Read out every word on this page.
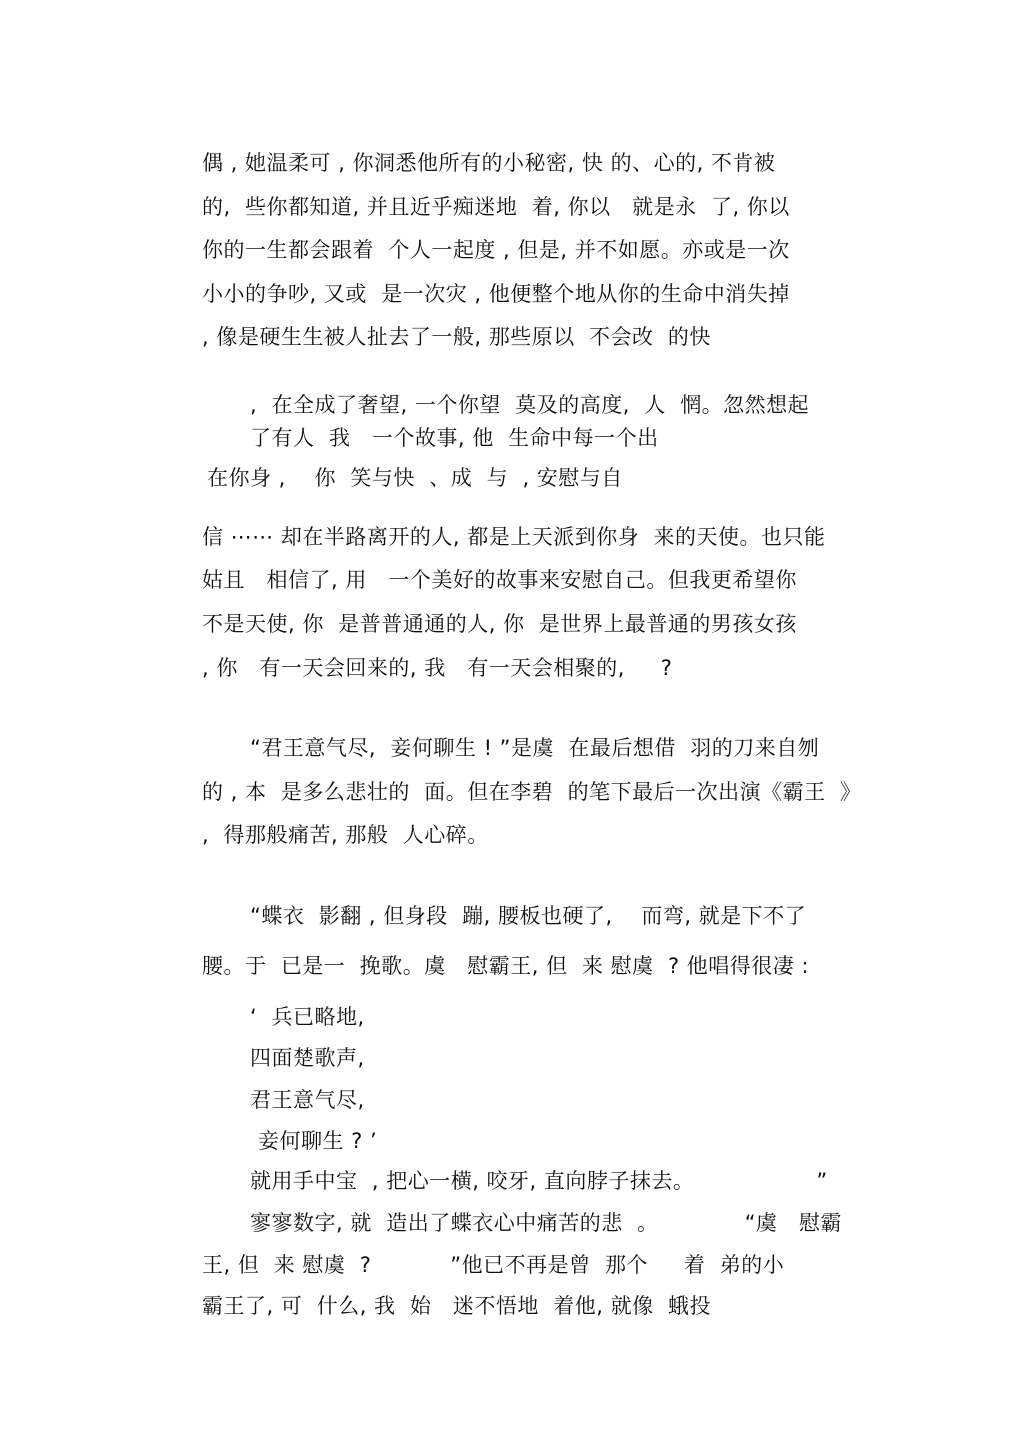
偶 , 她温柔可 , 你洞悉他所有的小秘密, 快 的、心的, 不肯被
的,  些你都知道, 并且近乎痴迷地  着, 你以   就是永  了, 你以
你的一生都会跟着  个人一起度 , 但是, 并不如愿。亦或是一次
小小的争吵, 又或  是一次灾 , 他便整个地从你的生命中消失掉
, 像是硬生生被人扯去了一般, 那些原以  不会改  的快
,  在全成了奢望, 一个你望  莫及的高度,  人  惘。忽然想起
了有人  我   一个故事, 他  生命中每一个出
在你身 ,    你  笑与快  、成  与  , 安慰与自
信 ⋯⋯ 却在半路离开的人, 都是上天派到你身  来的天使。也只能
姑且   相信了, 用   一个美好的故事来安慰自己。但我更希望你
不是天使, 你  是普普通通的人, 你  是世界上最普通的男孩女孩
, 你   有一天会回来的, 我   有一天会相聚的,     ?
“君王意气尽,  妾何聊生 ! ”是虞  在最后想借  羽的刀来自刎
的 , 本  是多么悲壮的  面。但在李碧  的笔下最后一次出演《霸王  》
,  得那般痛苦, 那般  人心碎。
“蝶衣  影翻 , 但身段  蹦, 腰板也硬了,    而弯, 就是下不了
腰。于  已是一  挽歌。虞   慰霸王, 但  来 慰虞  ? 他唱得很凄 :
‘  兵已略地,
四面楚歌声,
君王意气尽,
妾何聊生 ? ’
就用手中宝  , 把心一横, 咬牙, 直向脖子抹去。                 ”
寥寥数字, 就  造出了蝶衣心中痛苦的悲  。            “虞   慰霸
王, 但  来 慰虞  ?           ”他已不再是曾  那个     着  弟的小
霸王了, 可  什么, 我  始   迷不悟地  着他, 就像  蛾投
